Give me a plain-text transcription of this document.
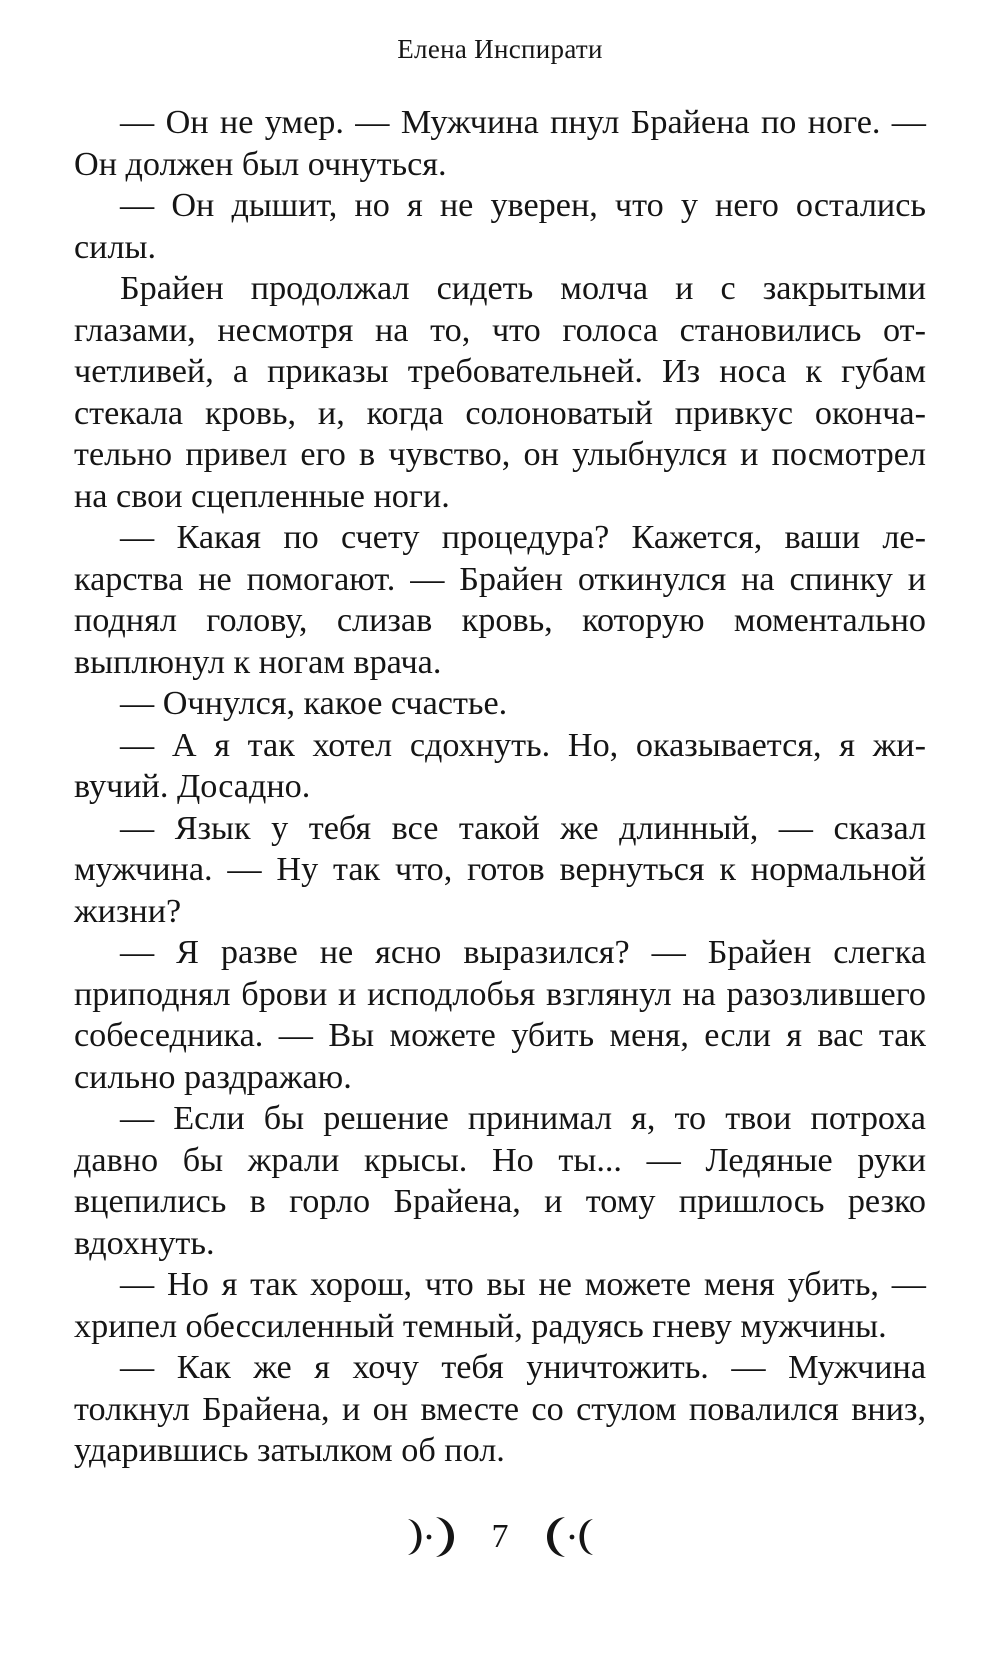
Елена Инспирати

— Он не умер. — Мужчина пнул Брайена по ноге. — Он должен был очнуться.

— Он дышит, но я не уверен, что у него остались силы.

Брайен продолжал сидеть молча и с закрытыми глазами, несмотря на то, что голоса становились отчетливей, а приказы требовательней. Из носа к губам стекала кровь, и, когда солоноватый привкус окончательно привел его в чувство, он улыбнулся и посмотрел на свои сцепленные ноги.

— Какая по счету процедура? Кажется, ваши лекарства не помогают. — Брайен откинулся на спинку и поднял голову, слизав кровь, которую моментально выплюнул к ногам врача.

— Очнулся, какое счастье.

— А я так хотел сдохнуть. Но, оказывается, я живучий. Досадно.

— Язык у тебя все такой же длинный, — сказал мужчина. — Ну так что, готов вернуться к нормальной жизни?

— Я разве не ясно выразился? — Брайен слегка приподнял брови и исподлобья взглянул на разозлившего собеседника. — Вы можете убить меня, если я вас так сильно раздражаю.

— Если бы решение принимал я, то твои потроха давно бы жрали крысы. Но ты... — Ледяные руки вцепились в горло Брайена, и тому пришлось резко вдохнуть.

— Но я так хорош, что вы не можете меня убить, — хрипел обессиленный темный, радуясь гневу мужчины.

— Как же я хочу тебя уничтожить. — Мужчина толкнул Брайена, и он вместе со стулом повалился вниз, ударившись затылком об пол.

7
